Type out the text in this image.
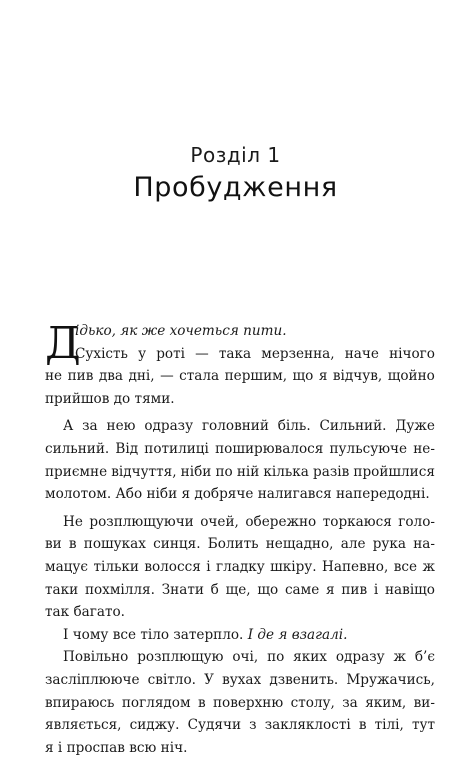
Розділ 1
Пробудження
Д
ідько, як же хочеться пити.
Сухість у роті — така мерзенна, наче нічого
не пив два дні, — стала першим, що я відчув, щойно
прийшов до тями.
А за нею одразу головний біль. Сильний. Дуже
сильний. Від потилиці поширювалося пульсуюче не-
приємне відчуття, ніби по ній кілька разів пройшлися
молотом. Або ніби я добряче налигався напередодні.
Не розплющуючи очей, обережно торкаюся голо-
ви в пошуках синця. Болить нещадно, але рука на-
мацує тільки волосся і гладку шкіру. Напевно, все ж
таки похмілля. Знати б ще, що саме я пив і навіщо
так багато.
І чому все тіло затерпло. І де я взагалі.
Повільно розплющую очі, по яких одразу ж б’є
засліплююче світло. У вухах дзвенить. Мружачись,
впираюсь поглядом в поверхню столу, за яким, ви-
являється, сиджу. Судячи з закляклості в тілі, тут
я і проспав всю ніч.
